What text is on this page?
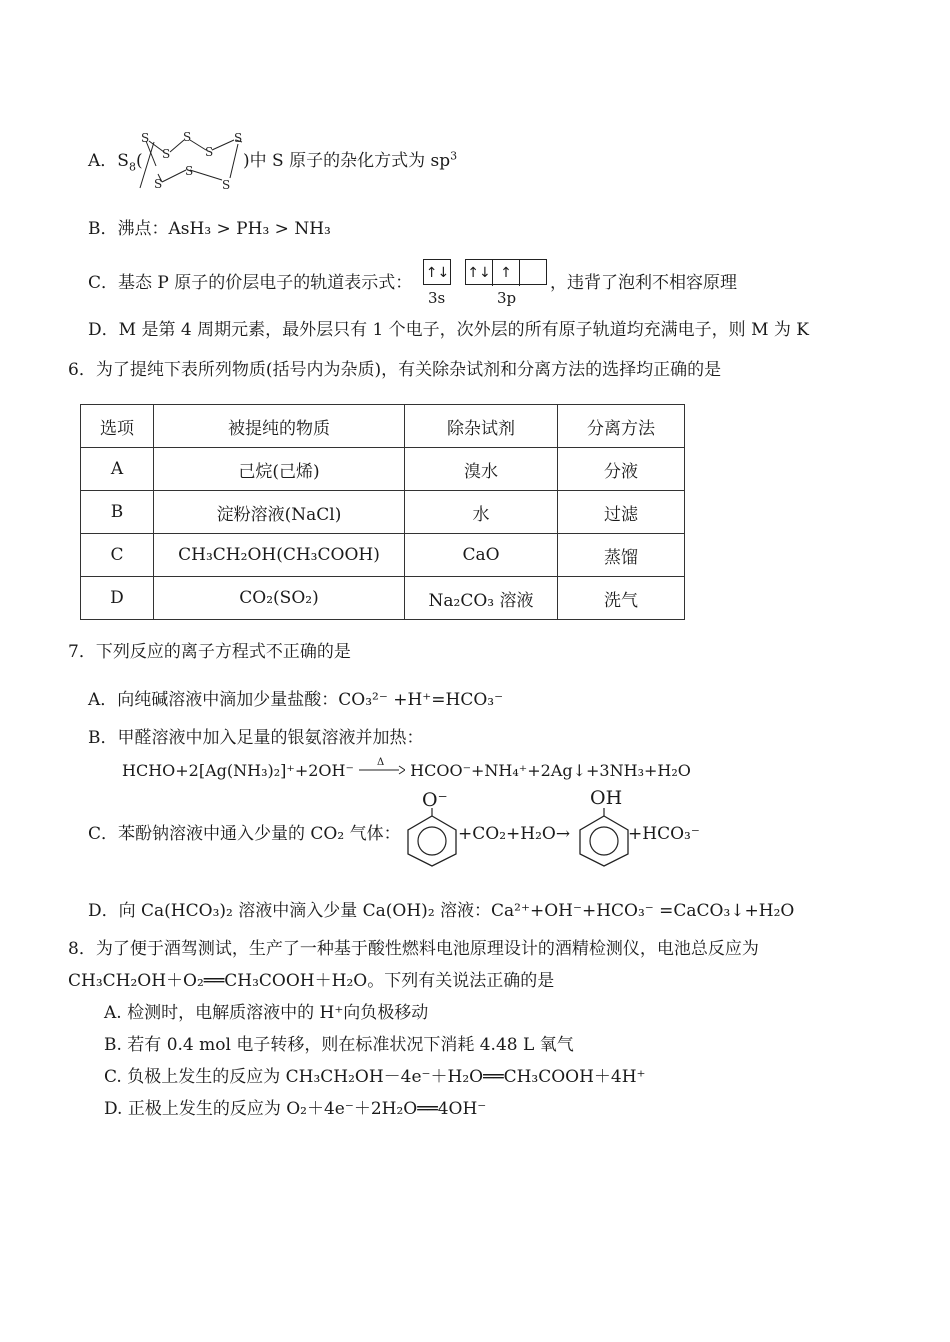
A．$S_8$(
S
S
S
S
S
S
S
S
)中 S 原子的杂化方式为 $sp^3$
B．沸点：AsH₃ > PH₃ > NH₃
C．基态 P 原子的价层电子的轨道表示式： ↑↓ ↑↓ ↑
3s	3p
，违背了泡利不相容原理
D．M 是第 4 周期元素，最外层只有 1 个电子，次外层的所有原子轨道均充满电子，则 M 为 K
6．为了提纯下表所列物质(括号内为杂质)，有关除杂试剂和分离方法的选择均正确的是
选项	被提纯的物质	除杂试剂	分离方法
A	己烷(己烯)	溴水	分液
B	淀粉溶液(NaCl)	水	过滤
C	CH₃CH₂OH(CH₃COOH)	CaO	蒸馏
D	CO₂(SO₂)	Na₂CO₃ 溶液	洗气
7．下列反应的离子方程式不正确的是
A．向纯碱溶液中滴加少量盐酸：CO₃²⁻ +H⁺=HCO₃⁻
B．甲醛溶液中加入足量的银氨溶液并加热：
HCHO+2[Ag(NH₃)₂]⁺+2OH⁻ Δ HCOO⁻+NH₄⁺+2Ag↓+3NH₃+H₂O
C．苯酚钠溶液中通入少量的 CO₂ 气体：
O⁻
+CO₂+H₂O→
OH
+HCO₃⁻
D．向 Ca(HCO₃)₂ 溶液中滴入少量 Ca(OH)₂ 溶液：Ca²⁺+OH⁻+HCO₃⁻ =CaCO₃↓+H₂O
8．为了便于酒驾测试，生产了一种基于酸性燃料电池原理设计的酒精检测仪，电池总反应为
CH₃CH₂OH＋O₂══CH₃COOH＋H₂O。下列有关说法正确的是
A. 检测时，电解质溶液中的 H⁺向负极移动
B. 若有 0.4 mol 电子转移，则在标准状况下消耗 4.48 L 氧气
C. 负极上发生的反应为 CH₃CH₂OH－4e⁻＋H₂O══CH₃COOH＋4H⁺
D. 正极上发生的反应为 O₂＋4e⁻＋2H₂O══4OH⁻
